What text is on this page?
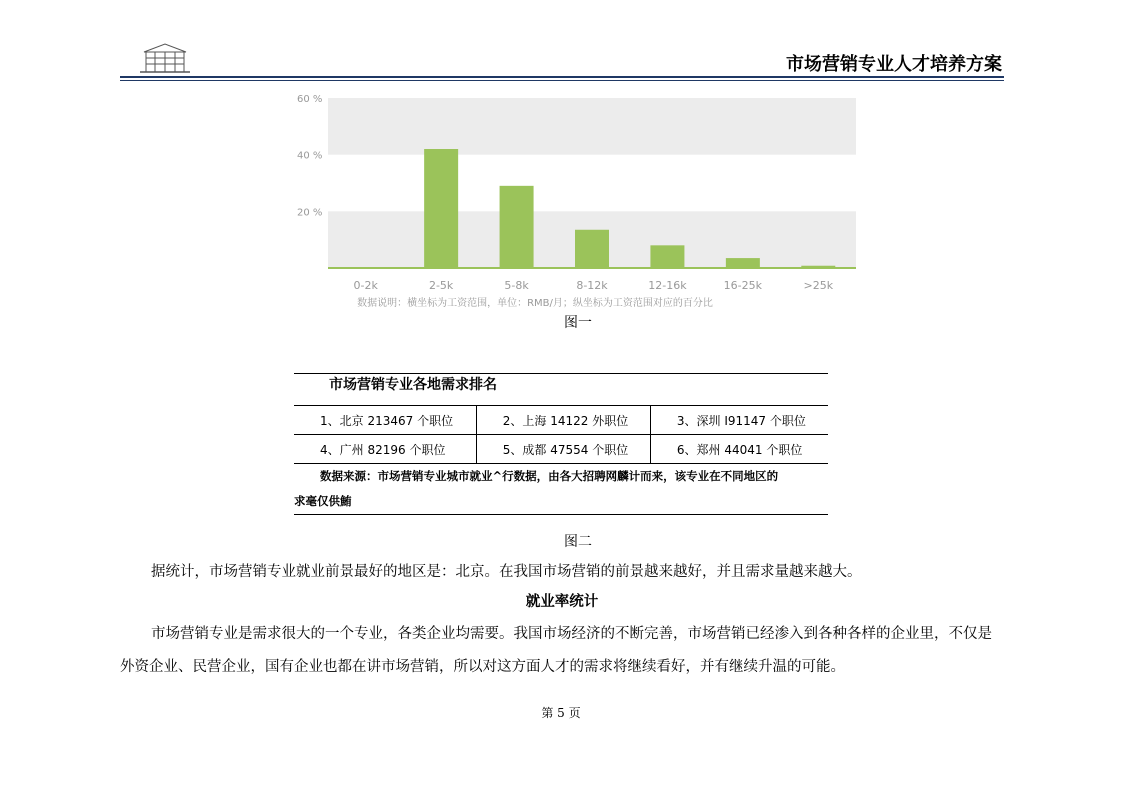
市场营销专业人才培养方案
20 %
40 %
60 %
0-2k	2-5k	5-8k	8-12k	12-16k	16-25k	>25k
数据说明：横坐标为工资范围，单位：RMB/月；纵坐标为工资范围对应的百分比
图一
市场营销专业各地需求排名
1、北京 213467 个职位	2、上海 14122 外职位	3、深圳 I91147 个职位
4、广州 82196 个职位	5、成都 47554 个职位	6、郑州 44041 个职位
数据来源：市场营销专业城市就业^行数据，由各大招聘网麟计而来，该专业在不同地区的
求毫仅供鮪
图二
据统计，市场营销专业就业前景最好的地区是：北京。在我国市场营销的前景越来越好，并且需求量越来越大。
就业率统计
市场营销专业是需求很大的一个专业，各类企业均需要。我国市场经济的不断完善，市场营销已经渗入到各种各样的企业里，不仅是外资企业、民营企业，国有企业也都在讲市场营销，所以对这方面人才的需求将继续看好，并有继续升温的可能。
第 5 页
